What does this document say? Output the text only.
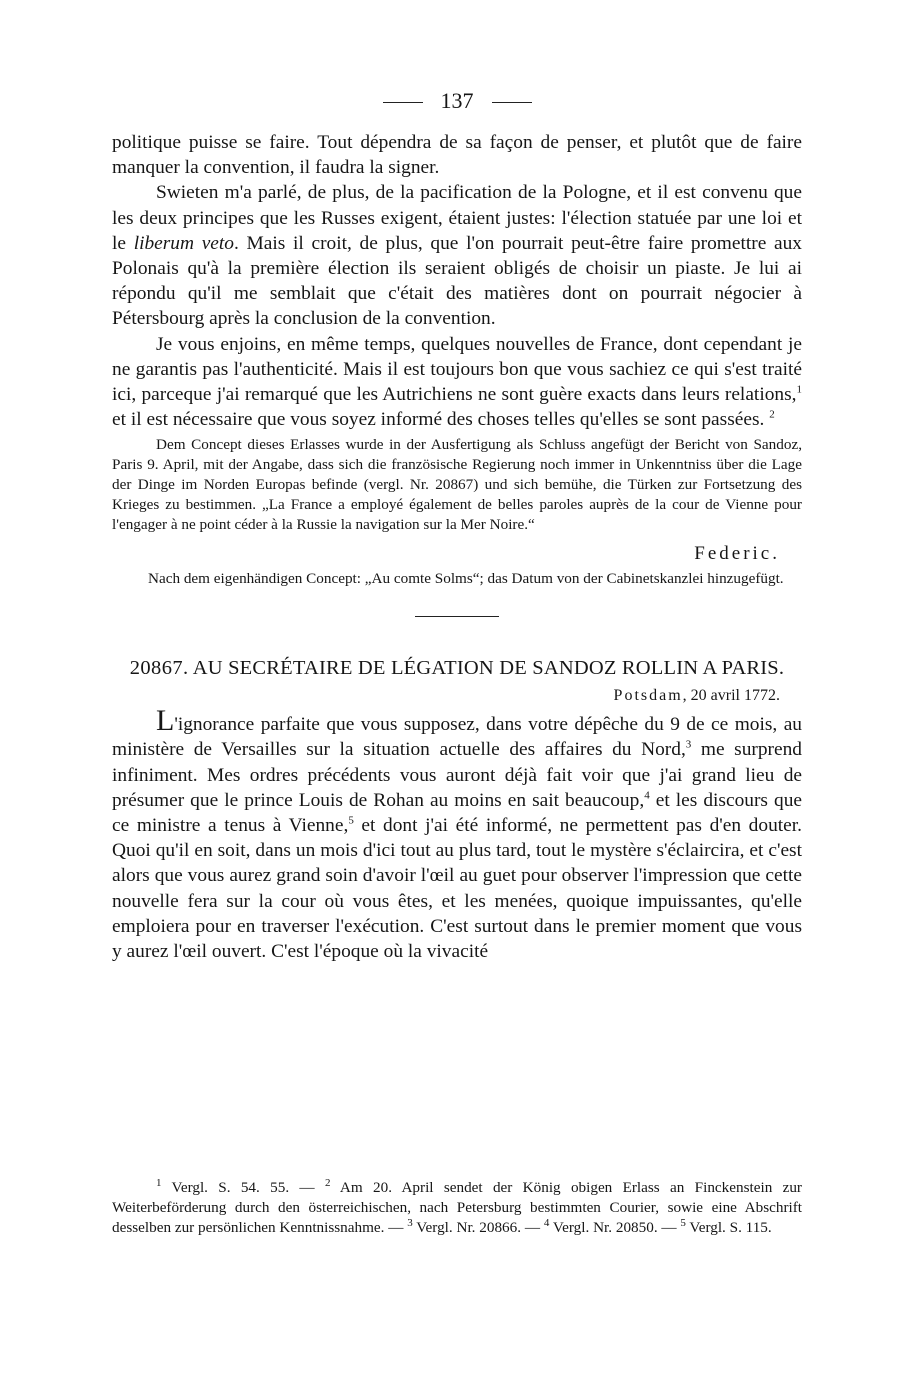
137

politique puisse se faire. Tout dépendra de sa façon de penser, et plutôt que de faire manquer la convention, il faudra la signer.

Swieten m'a parlé, de plus, de la pacification de la Pologne, et il est convenu que les deux principes que les Russes exigent, étaient justes: l'élection statuée par une loi et le liberum veto. Mais il croit, de plus, que l'on pourrait peut-être faire promettre aux Polonais qu'à la première élection ils seraient obligés de choisir un piaste. Je lui ai répondu qu'il me semblait que c'était des matières dont on pourrait négocier à Pétersbourg après la conclusion de la convention.

Je vous enjoins, en même temps, quelques nouvelles de France, dont cependant je ne garantis pas l'authenticité. Mais il est toujours bon que vous sachiez ce qui s'est traité ici, parceque j'ai remarqué que les Autrichiens ne sont guère exacts dans leurs relations,$^1$ et il est nécessaire que vous soyez informé des choses telles qu'elles se sont passées. $^2$

Dem Concept dieses Erlasses wurde in der Ausfertigung als Schluss angefügt der Bericht von Sandoz, Paris 9. April, mit der Angabe, dass sich die französische Regierung noch immer in Unkenntniss über die Lage der Dinge im Norden Europas befinde (vergl. Nr. 20867) und sich bemühe, die Türken zur Fortsetzung des Krieges zu bestimmen. „La France a employé également de belles paroles auprès de la cour de Vienne pour l'engager à ne point céder à la Russie la navigation sur la Mer Noire.“

Federic.
Nach dem eigenhändigen Concept: „Au comte Solms“; das Datum von der Cabinetskanzlei hinzugefügt.
20867. AU SECRÉTAIRE DE LÉGATION DE SANDOZ ROLLIN A PARIS.
Potsdam, 20 avril 1772.

L'ignorance parfaite que vous supposez, dans votre dépêche du 9 de ce mois, au ministère de Versailles sur la situation actuelle des affaires du Nord,$^3$ me surprend infiniment. Mes ordres précédents vous auront déjà fait voir que j'ai grand lieu de présumer que le prince Louis de Rohan au moins en sait beaucoup,$^4$ et les discours que ce ministre a tenus à Vienne,$^5$ et dont j'ai été informé, ne permettent pas d'en douter. Quoi qu'il en soit, dans un mois d'ici tout au plus tard, tout le mystère s'éclaircira, et c'est alors que vous aurez grand soin d'avoir l'œil au guet pour observer l'impression que cette nouvelle fera sur la cour où vous êtes, et les menées, quoique impuissantes, qu'elle emploiera pour en traverser l'exécution. C'est surtout dans le premier moment que vous y aurez l'œil ouvert. C'est l'époque où la vivacité

$^1$ Vergl. S. 54. 55. — $^2$ Am 20. April sendet der König obigen Erlass an Finckenstein zur Weiterbeförderung durch den österreichischen, nach Petersburg bestimmten Courier, sowie eine Abschrift desselben zur persönlichen Kenntnissnahme. — $^3$ Vergl. Nr. 20866. — $^4$ Vergl. Nr. 20850. — $^5$ Vergl. S. 115.
